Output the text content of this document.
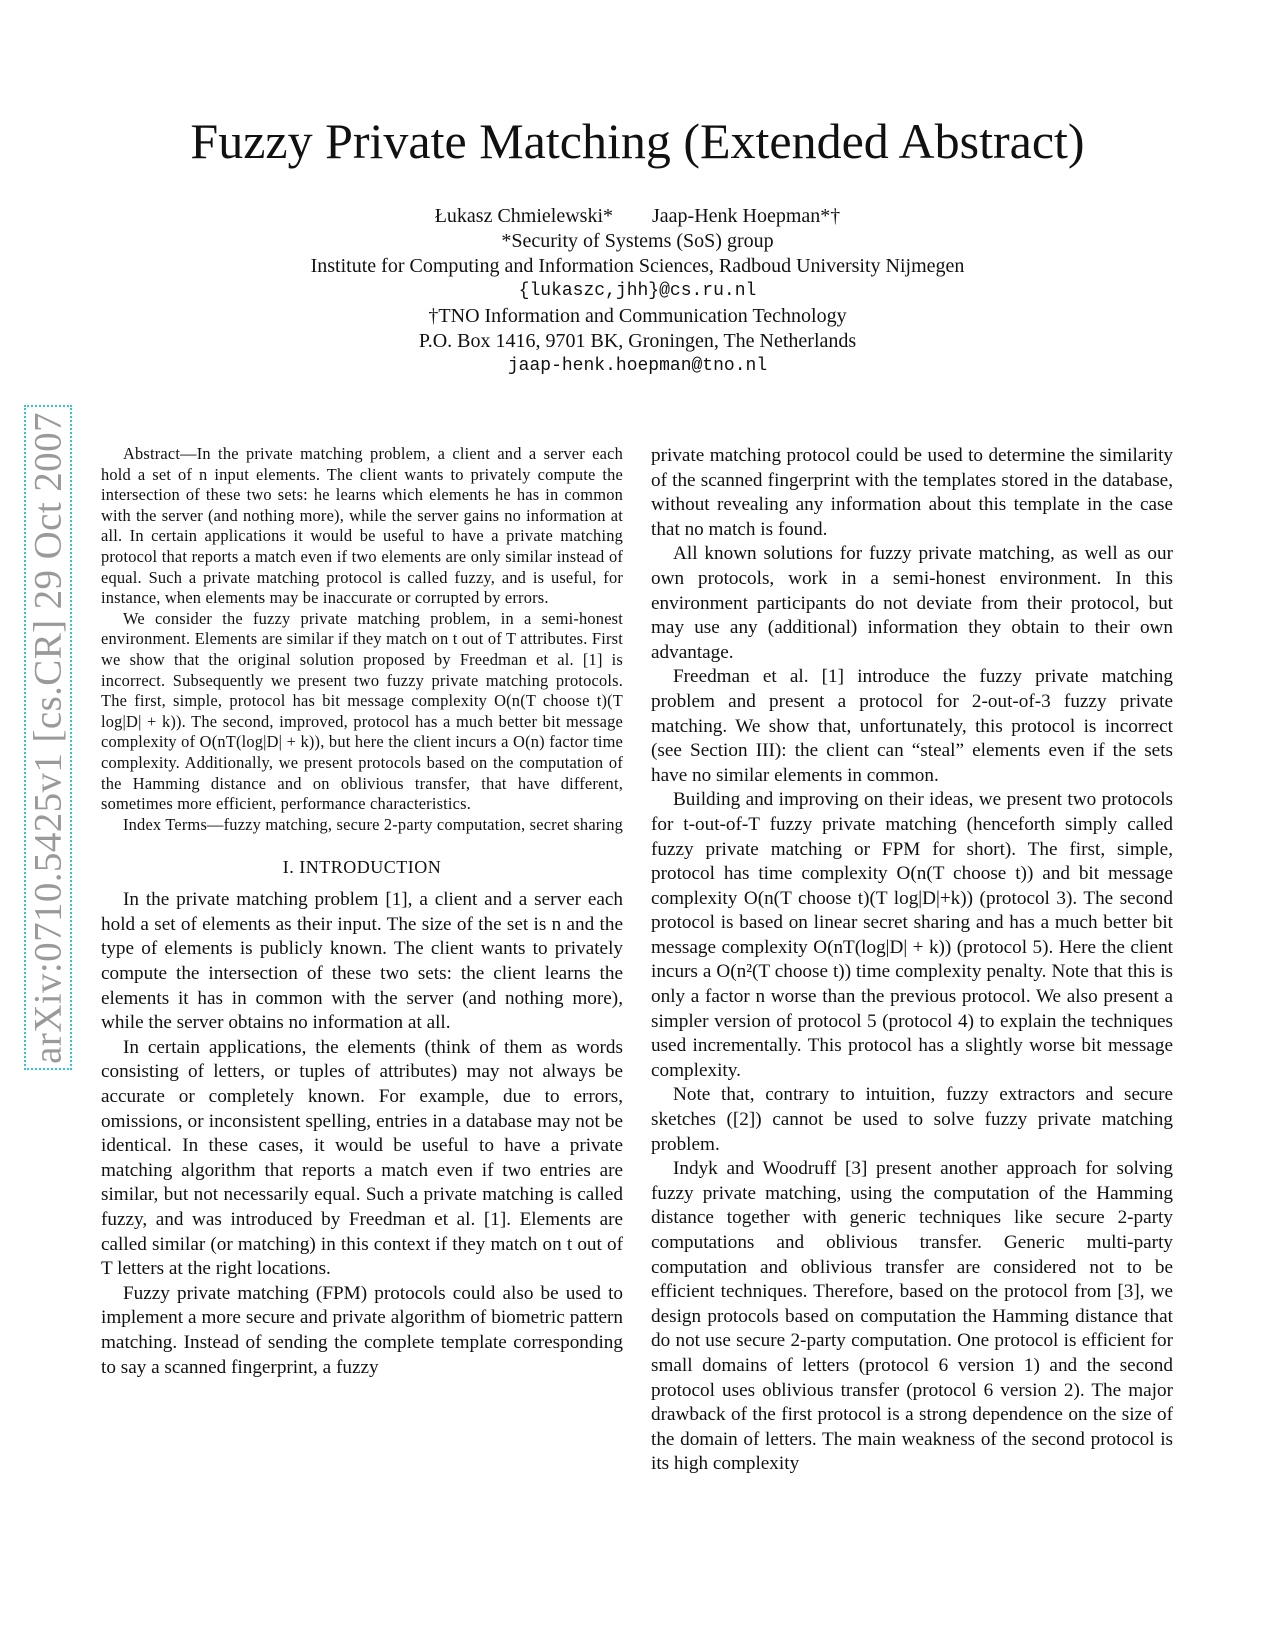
arXiv:0710.5425v1 [cs.CR] 29 Oct 2007
Fuzzy Private Matching (Extended Abstract)
Łukasz Chmielewski* Jaap-Henk Hoepman*†
*Security of Systems (SoS) group
Institute for Computing and Information Sciences, Radboud University Nijmegen
{lukaszc,jhh}@cs.ru.nl
†TNO Information and Communication Technology
P.O. Box 1416, 9701 BK, Groningen, The Netherlands
jaap-henk.hoepman@tno.nl

Abstract—In the private matching problem, a client and a server each hold a set of n input elements. The client wants to privately compute the intersection of these two sets: he learns which elements he has in common with the server (and nothing more), while the server gains no information at all. In certain applications it would be useful to have a private matching protocol that reports a match even if two elements are only similar instead of equal. Such a private matching protocol is called fuzzy, and is useful, for instance, when elements may be inaccurate or corrupted by errors.

We consider the fuzzy private matching problem, in a semi-honest environment. Elements are similar if they match on t out of T attributes. First we show that the original solution proposed by Freedman et al. [1] is incorrect. Subsequently we present two fuzzy private matching protocols. The first, simple, protocol has bit message complexity O(n(T choose t)(T log|D| + k)). The second, improved, protocol has a much better bit message complexity of O(nT(log|D| + k)), but here the client incurs a O(n) factor time complexity. Additionally, we present protocols based on the computation of the Hamming distance and on oblivious transfer, that have different, sometimes more efficient, performance characteristics.

Index Terms—fuzzy matching, secure 2-party computation, secret sharing

I. INTRODUCTION

In the private matching problem [1], a client and a server each hold a set of elements as their input. The size of the set is n and the type of elements is publicly known. The client wants to privately compute the intersection of these two sets: the client learns the elements it has in common with the server (and nothing more), while the server obtains no information at all.

In certain applications, the elements (think of them as words consisting of letters, or tuples of attributes) may not always be accurate or completely known. For example, due to errors, omissions, or inconsistent spelling, entries in a database may not be identical. In these cases, it would be useful to have a private matching algorithm that reports a match even if two entries are similar, but not necessarily equal. Such a private matching is called fuzzy, and was introduced by Freedman et al. [1]. Elements are called similar (or matching) in this context if they match on t out of T letters at the right locations.

Fuzzy private matching (FPM) protocols could also be used to implement a more secure and private algorithm of biometric pattern matching. Instead of sending the complete template corresponding to say a scanned fingerprint, a fuzzy

private matching protocol could be used to determine the similarity of the scanned fingerprint with the templates stored in the database, without revealing any information about this template in the case that no match is found.

All known solutions for fuzzy private matching, as well as our own protocols, work in a semi-honest environment. In this environment participants do not deviate from their protocol, but may use any (additional) information they obtain to their own advantage.

Freedman et al. [1] introduce the fuzzy private matching problem and present a protocol for 2-out-of-3 fuzzy private matching. We show that, unfortunately, this protocol is incorrect (see Section III): the client can “steal” elements even if the sets have no similar elements in common.

Building and improving on their ideas, we present two protocols for t-out-of-T fuzzy private matching (henceforth simply called fuzzy private matching or FPM for short). The first, simple, protocol has time complexity O(n(T choose t)) and bit message complexity O(n(T choose t)(T log|D|+k)) (protocol 3). The second protocol is based on linear secret sharing and has a much better bit message complexity O(nT(log|D| + k)) (protocol 5). Here the client incurs a O(n²(T choose t)) time complexity penalty. Note that this is only a factor n worse than the previous protocol. We also present a simpler version of protocol 5 (protocol 4) to explain the techniques used incrementally. This protocol has a slightly worse bit message complexity.

Note that, contrary to intuition, fuzzy extractors and secure sketches ([2]) cannot be used to solve fuzzy private matching problem.

Indyk and Woodruff [3] present another approach for solving fuzzy private matching, using the computation of the Hamming distance together with generic techniques like secure 2-party computations and oblivious transfer. Generic multi-party computation and oblivious transfer are considered not to be efficient techniques. Therefore, based on the protocol from [3], we design protocols based on computation the Hamming distance that do not use secure 2-party computation. One protocol is efficient for small domains of letters (protocol 6 version 1) and the second protocol uses oblivious transfer (protocol 6 version 2). The major drawback of the first protocol is a strong dependence on the size of the domain of letters. The main weakness of the second protocol is its high complexity
